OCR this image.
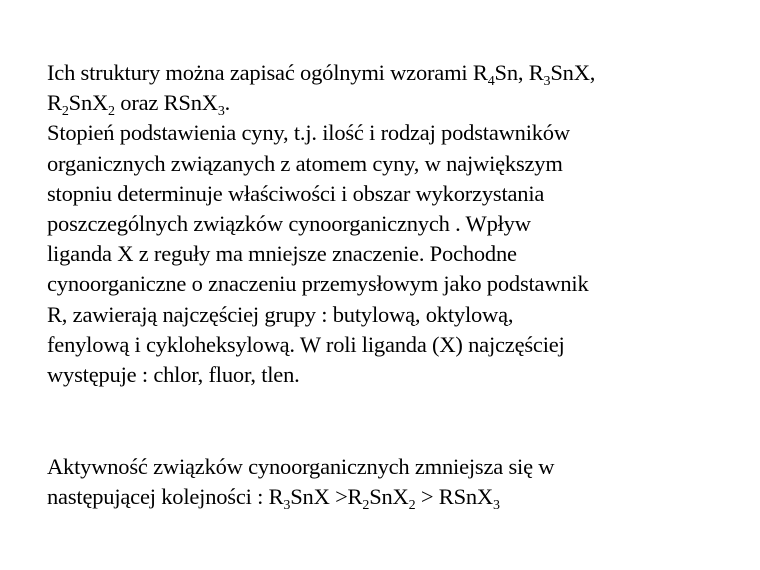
Ich struktury można zapisać ogólnymi wzorami $R_4Sn$, $R_3SnX$,
$R_2SnX_2$ oraz RSnX$_3$.
Stopień podstawienia cyny, t.j. ilość i rodzaj podstawników
organicznych związanych z atomem cyny, w największym
stopniu determinuje właściwości i obszar wykorzystania
poszczególnych związków cynoorganicznych . Wpływ
liganda X z reguły ma mniejsze znaczenie. Pochodne
cynoorganiczne o znaczeniu przemysłowym jako podstawnik
R, zawierają najczęściej grupy : butylową, oktylową,
fenylową i cykloheksylową. W roli liganda (X) najczęściej
występuje : chlor, fluor, tlen.
Aktywność związków cynoorganicznych zmniejsza się w
następującej kolejności : $R_3SnX >R_2SnX_2$ > RSnX$_3$
